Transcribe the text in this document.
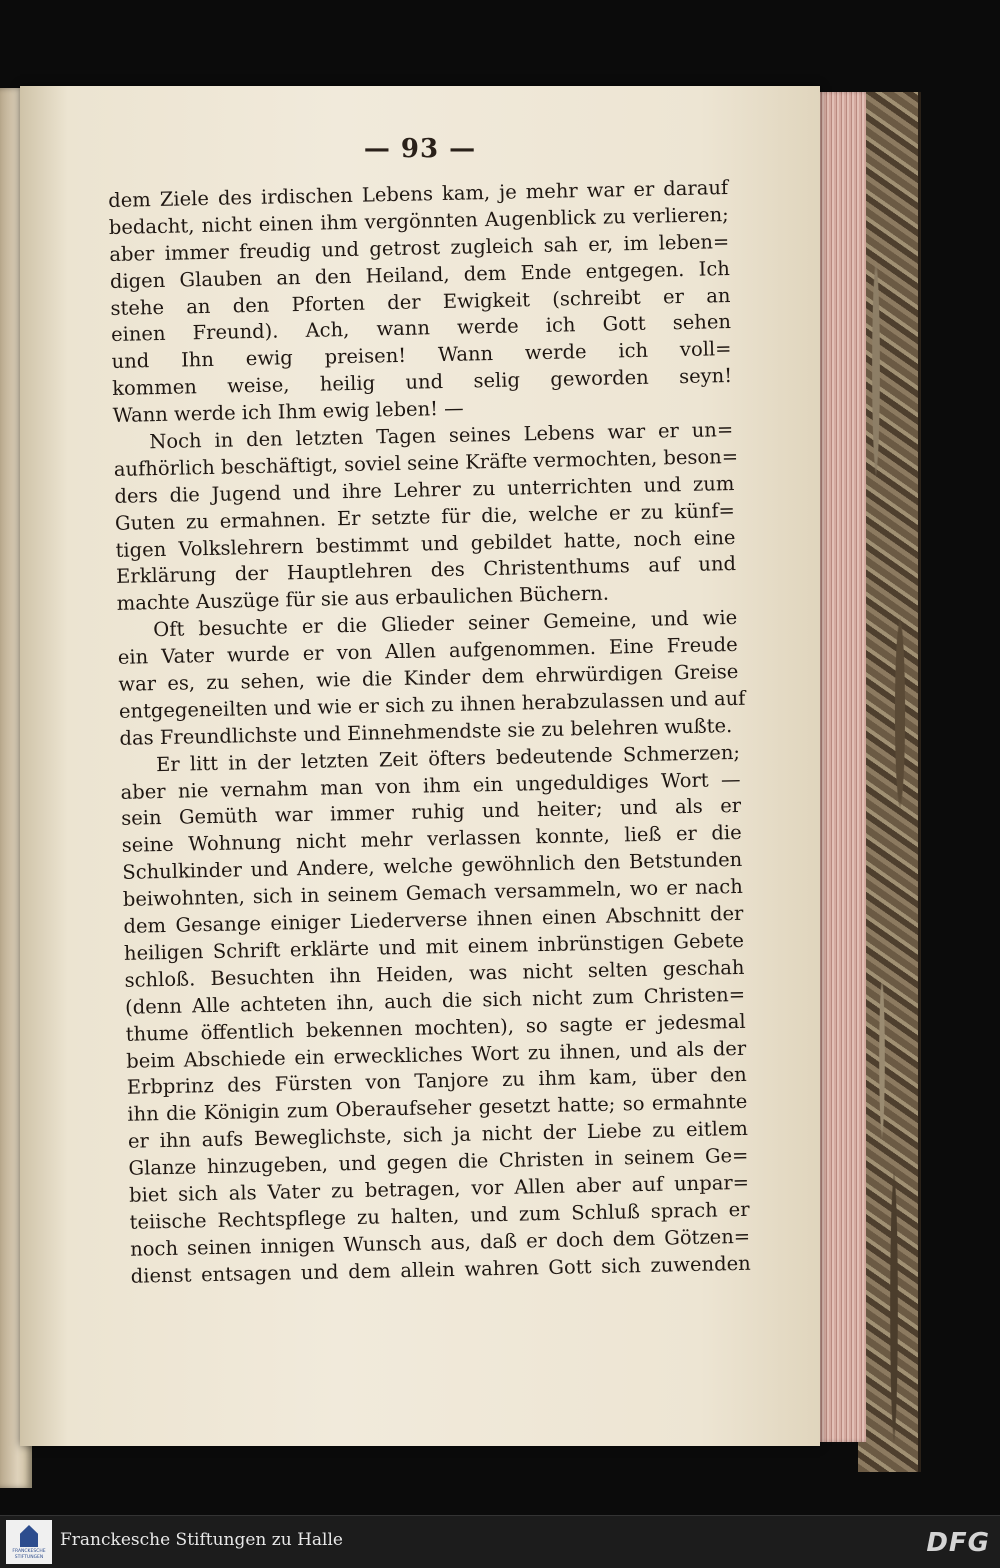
— 93 —
dem Ziele des irdischen Lebens kam, je mehr war er darauf
bedacht, nicht einen ihm vergönnten Augenblick zu verlieren;
aber immer freudig und getrost zugleich sah er, im leben=
digen Glauben an den Heiland, dem Ende entgegen. Ich
stehe an den Pforten der Ewigkeit (schreibt er an
einen Freund). Ach, wann werde ich Gott sehen
und Ihn ewig preisen! Wann werde ich voll=
kommen weise, heilig und selig geworden seyn!
Wann werde ich Ihm ewig leben! —
Noch in den letzten Tagen seines Lebens war er un=
aufhörlich beschäftigt, soviel seine Kräfte vermochten, beson=
ders die Jugend und ihre Lehrer zu unterrichten und zum
Guten zu ermahnen. Er setzte für die, welche er zu künf=
tigen Volkslehrern bestimmt und gebildet hatte, noch eine
Erklärung der Hauptlehren des Christenthums auf und
machte Auszüge für sie aus erbaulichen Büchern.
Oft besuchte er die Glieder seiner Gemeine, und wie
ein Vater wurde er von Allen aufgenommen. Eine Freude
war es, zu sehen, wie die Kinder dem ehrwürdigen Greise
entgegeneilten und wie er sich zu ihnen herabzulassen und auf
das Freundlichste und Einnehmendste sie zu belehren wußte.
Er litt in der letzten Zeit öfters bedeutende Schmerzen;
aber nie vernahm man von ihm ein ungeduldiges Wort —
sein Gemüth war immer ruhig und heiter; und als er
seine Wohnung nicht mehr verlassen konnte, ließ er die
Schulkinder und Andere, welche gewöhnlich den Betstunden
beiwohnten, sich in seinem Gemach versammeln, wo er nach
dem Gesange einiger Liederverse ihnen einen Abschnitt der
heiligen Schrift erklärte und mit einem inbrünstigen Gebete
schloß. Besuchten ihn Heiden, was nicht selten geschah
(denn Alle achteten ihn, auch die sich nicht zum Christen=
thume öffentlich bekennen mochten), so sagte er jedesmal
beim Abschiede ein erweckliches Wort zu ihnen, und als der
Erbprinz des Fürsten von Tanjore zu ihm kam, über den
ihn die Königin zum Oberaufseher gesetzt hatte; so ermahnte
er ihn aufs Beweglichste, sich ja nicht der Liebe zu eitlem
Glanze hinzugeben, und gegen die Christen in seinem Ge=
biet sich als Vater zu betragen, vor Allen aber auf unpar=
teiische Rechtspflege zu halten, und zum Schluß sprach er
noch seinen innigen Wunsch aus, daß er doch dem Götzen=
dienst entsagen und dem allein wahren Gott sich zuwenden
FRANCKESCHE STIFTUNGEN
Franckesche Stiftungen zu Halle	DFG
